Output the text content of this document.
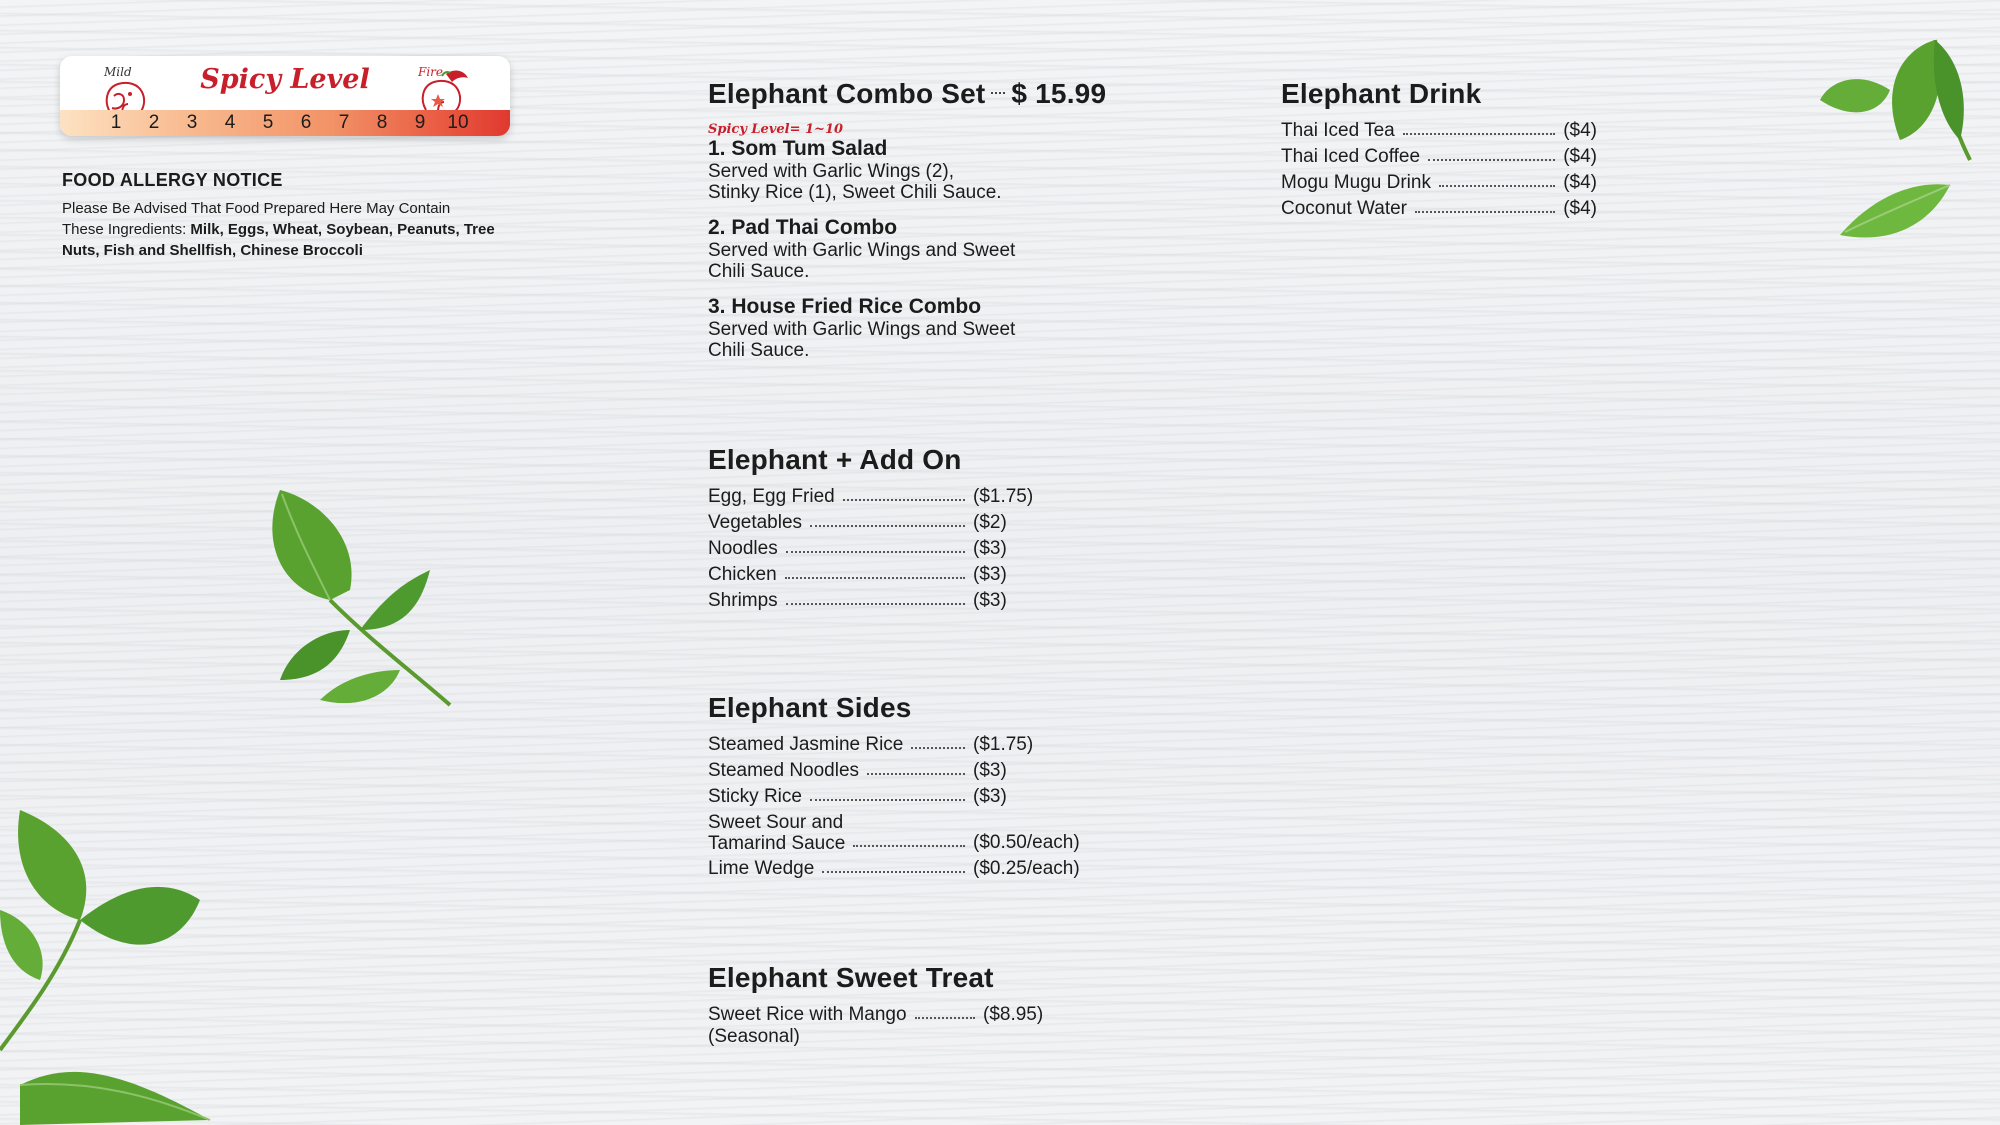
Mild	Spicy Level	Fire
1	2	3	4	5	6	7	8	9	10
FOOD ALLERGY NOTICE
Please Be Advised That Food Prepared Here May Contain
These Ingredients: Milk, Eggs, Wheat, Soybean, Peanuts, Tree Nuts, Fish and Shellfish, Chinese Broccoli
Elephant Combo Set $ 15.99
Spicy Level= 1~10
1. Som Tum Salad
Served with Garlic Wings (2),
Stinky Rice (1), Sweet Chili Sauce.
2. Pad Thai Combo
Served with Garlic Wings and Sweet
Chili Sauce.
3. House Fried Rice Combo
Served with Garlic Wings and Sweet
Chili Sauce.
Elephant + Add On
Egg, Egg Fried	($1.75)
Vegetables	($2)
Noodles	($3)
Chicken	($3)
Shrimps	($3)
Elephant Sides
Steamed Jasmine Rice	($1.75)
Steamed Noodles	($3)
Sticky Rice	($3)
Sweet Sour and
Tamarind Sauce	($0.50/each)
Lime Wedge	($0.25/each)
Elephant Sweet Treat
Sweet Rice with Mango	($8.95)
(Seasonal)
Elephant Drink
Thai Iced Tea	($4)
Thai Iced Coffee	($4)
Mogu Mugu Drink	($4)
Coconut Water	($4)
